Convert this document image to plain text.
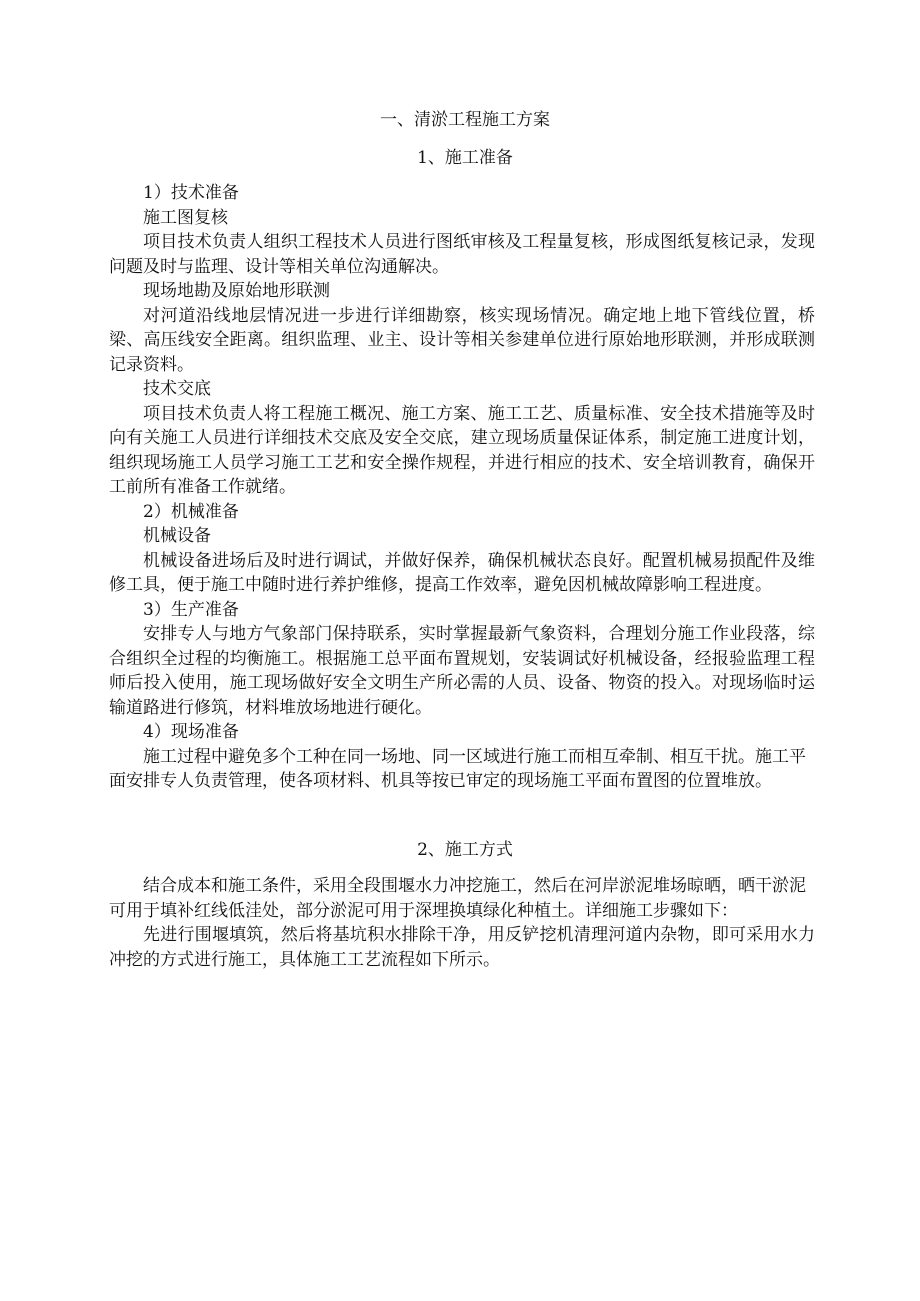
一、清淤工程施工方案
1、施工准备

1）技术准备

施工图复核

项目技术负责人组织工程技术人员进行图纸审核及工程量复核，形成图纸复核记录，发现问题及时与监理、设计等相关单位沟通解决。

现场地勘及原始地形联测

对河道沿线地层情况进一步进行详细勘察，核实现场情况。确定地上地下管线位置，桥梁、高压线安全距离。组织监理、业主、设计等相关参建单位进行原始地形联测，并形成联测记录资料。

技术交底

项目技术负责人将工程施工概况、施工方案、施工工艺、质量标准、安全技术措施等及时向有关施工人员进行详细技术交底及安全交底，建立现场质量保证体系，制定施工进度计划，组织现场施工人员学习施工工艺和安全操作规程，并进行相应的技术、安全培训教育，确保开工前所有准备工作就绪。

2）机械准备

机械设备

机械设备进场后及时进行调试，并做好保养，确保机械状态良好。配置机械易损配件及维修工具，便于施工中随时进行养护维修，提高工作效率，避免因机械故障影响工程进度。

3）生产准备

安排专人与地方气象部门保持联系，实时掌握最新气象资料，合理划分施工作业段落，综合组织全过程的均衡施工。根据施工总平面布置规划，安装调试好机械设备，经报验监理工程师后投入使用，施工现场做好安全文明生产所必需的人员、设备、物资的投入。对现场临时运输道路进行修筑，材料堆放场地进行硬化。

4）现场准备

施工过程中避免多个工种在同一场地、同一区域进行施工而相互牵制、相互干扰。施工平面安排专人负责管理，使各项材料、机具等按已审定的现场施工平面布置图的位置堆放。

2、施工方式

结合成本和施工条件，采用全段围堰水力冲挖施工，然后在河岸淤泥堆场晾晒，晒干淤泥可用于填补红线低洼处，部分淤泥可用于深埋换填绿化种植土。详细施工步骤如下：

先进行围堰填筑，然后将基坑积水排除干净，用反铲挖机清理河道内杂物，即可采用水力冲挖的方式进行施工，具体施工工艺流程如下所示。
